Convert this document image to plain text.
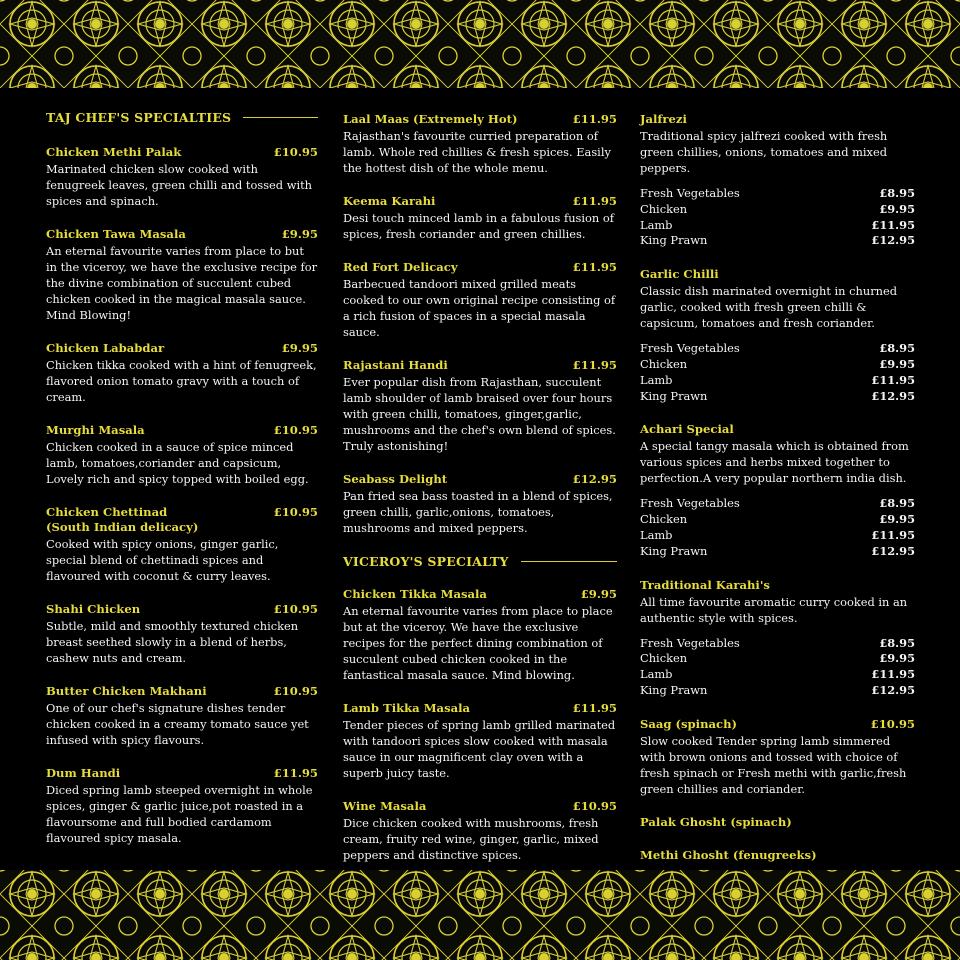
TAJ CHEF'S SPECIALTIES
Chicken Methi Palak	£10.95
Marinated chicken slow cooked with fenugreek leaves, green chilli and tossed with spices and spinach.
Chicken Tawa Masala	£9.95
An eternal favourite varies from place to but in the viceroy, we have the exclusive recipe for the divine combination of succulent cubed chicken cooked in the magical masala sauce. Mind Blowing!
Chicken Lababdar	£9.95
Chicken tikka cooked with a hint of fenugreek, flavored onion tomato gravy with a touch of cream.
Murghi Masala	£10.95
Chicken cooked in a sauce of spice minced lamb, tomatoes,coriander and capsicum, Lovely rich and spicy topped with boiled egg.
Chicken Chettinad	£10.95
(South Indian delicacy)
Cooked with spicy onions, ginger garlic, special blend of chettinadi spices and flavoured with coconut & curry leaves.
Shahi Chicken	£10.95
Subtle, mild and smoothly textured chicken breast seethed slowly in a blend of herbs, cashew nuts and cream.
Butter Chicken Makhani	£10.95
One of our chef's signature dishes tender chicken cooked in a creamy tomato sauce yet infused with spicy flavours.
Dum Handi	£11.95
Diced spring lamb steeped overnight in whole spices, ginger & garlic juice,pot roasted in a flavoursome and full bodied cardamom flavoured spicy masala.
Laal Maas (Extremely Hot)	£11.95
Rajasthan's favourite curried preparation of lamb. Whole red chillies & fresh spices. Easily the hottest dish of the whole menu.
Keema Karahi	£11.95
Desi touch minced lamb in a fabulous fusion of spices, fresh coriander and green chillies.
Red Fort Delicacy	£11.95
Barbecued tandoori mixed grilled meats cooked to our own original recipe consisting of a rich fusion of spaces in a special masala sauce.
Rajastani Handi	£11.95
Ever popular dish from Rajasthan, succulent lamb shoulder of lamb braised over four hours with green chilli, tomatoes, ginger,garlic, mushrooms and the chef's own blend of spices. Truly astonishing!
Seabass Delight	£12.95
Pan fried sea bass toasted in a blend of spices, green chilli, garlic,onions, tomatoes, mushrooms and mixed peppers.
VICEROY'S SPECIALTY
Chicken Tikka Masala	£9.95
An eternal favourite varies from place to place but at the viceroy. We have the exclusive recipes for the perfect dining combination of succulent cubed chicken cooked in the fantastical masala sauce. Mind blowing.
Lamb Tikka Masala	£11.95
Tender pieces of spring lamb grilled marinated with tandoori spices slow cooked with masala sauce in our magnificent clay oven with a superb juicy taste.
Wine Masala	£10.95
Dice chicken cooked with mushrooms, fresh cream, fruity red wine, ginger, garlic, mixed peppers and distinctive spices.
Jalfrezi
Traditional spicy jalfrezi cooked with fresh green chillies, onions, tomatoes and mixed peppers.
Fresh Vegetables	£8.95
Chicken	£9.95
Lamb	£11.95
King Prawn	£12.95
Garlic Chilli
Classic dish marinated overnight in churned garlic, cooked with fresh green chilli & capsicum, tomatoes and fresh coriander.
Fresh Vegetables	£8.95
Chicken	£9.95
Lamb	£11.95
King Prawn	£12.95
Achari Special
A special tangy masala which is obtained from various spices and herbs mixed together to perfection.A very popular northern india dish.
Fresh Vegetables	£8.95
Chicken	£9.95
Lamb	£11.95
King Prawn	£12.95
Traditional Karahi's
All time favourite aromatic curry cooked in an authentic style with spices.
Fresh Vegetables	£8.95
Chicken	£9.95
Lamb	£11.95
King Prawn	£12.95
Saag (spinach)	£10.95
Slow cooked Tender spring lamb simmered with brown onions and tossed with choice of fresh spinach or Fresh methi with garlic,fresh green chillies and coriander.
Palak Ghosht (spinach)
Methi Ghosht (fenugreeks)
